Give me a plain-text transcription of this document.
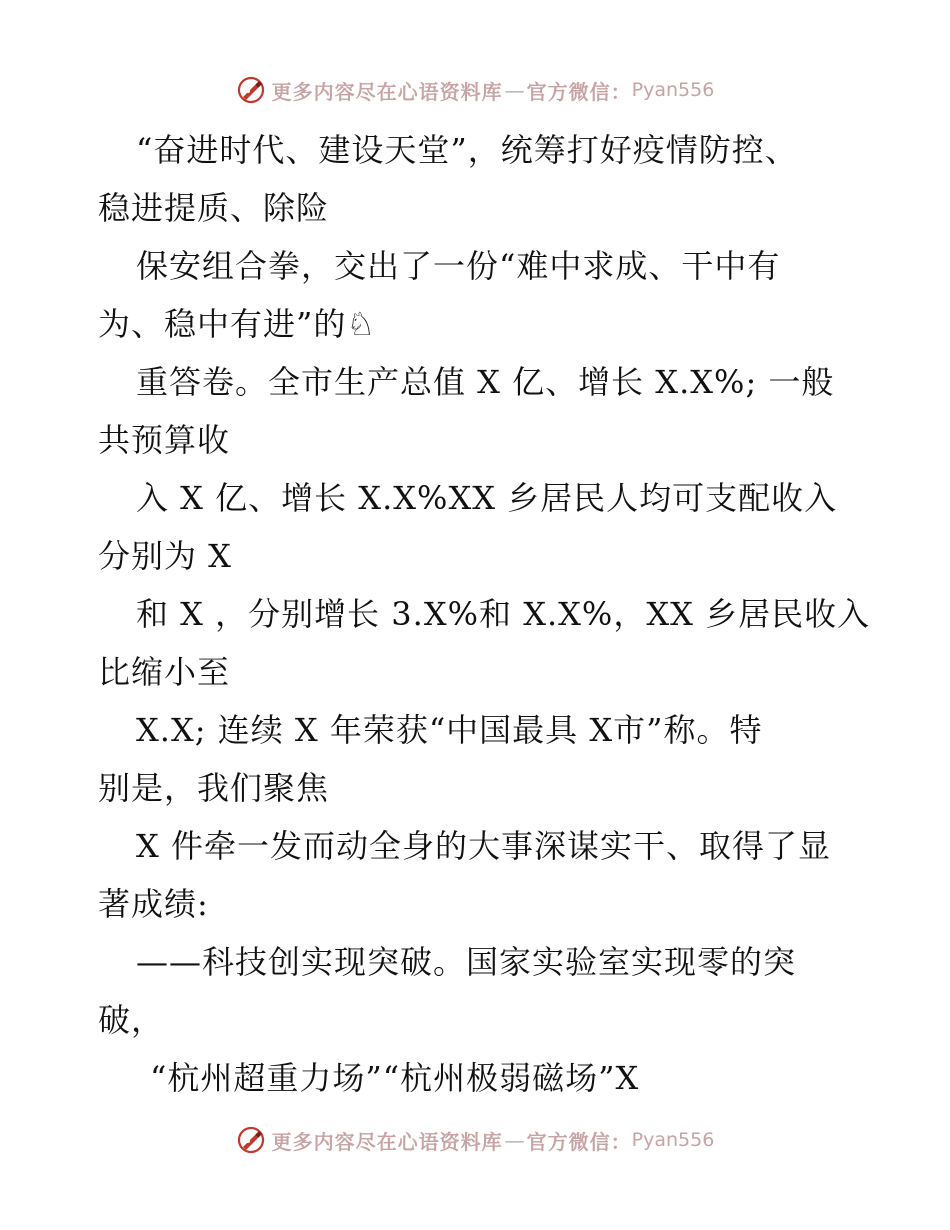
更多内容尽在心语资料库 — 官方微信： Pyan556
“奋进时代、建设天堂”，统筹打好疫情防控、
稳进提质、除险
保安组合拳，交出了一份“难中求成、干中有
为、稳中有进”的♘
重答卷。全市生产总值 X 亿、增长 X.X%; 一般
共预算收
入 X 亿、增长 X.X%XX 乡居民人均可支配收入
分别为 X
和 X ，分别增长 3.X%和 X.X%，XX 乡居民收入
比缩小至
X.X; 连续 X 年荣获“中国最具 X市”称。特
别是，我们聚焦
X 件牵一发而动全身的大事深谋实干、取得了显
著成绩:
——科技创实现突破。国家实验室实现零的突
破，
“杭州超重力场”“杭州极弱磁场”X
更多内容尽在心语资料库 — 官方微信： Pyan556
